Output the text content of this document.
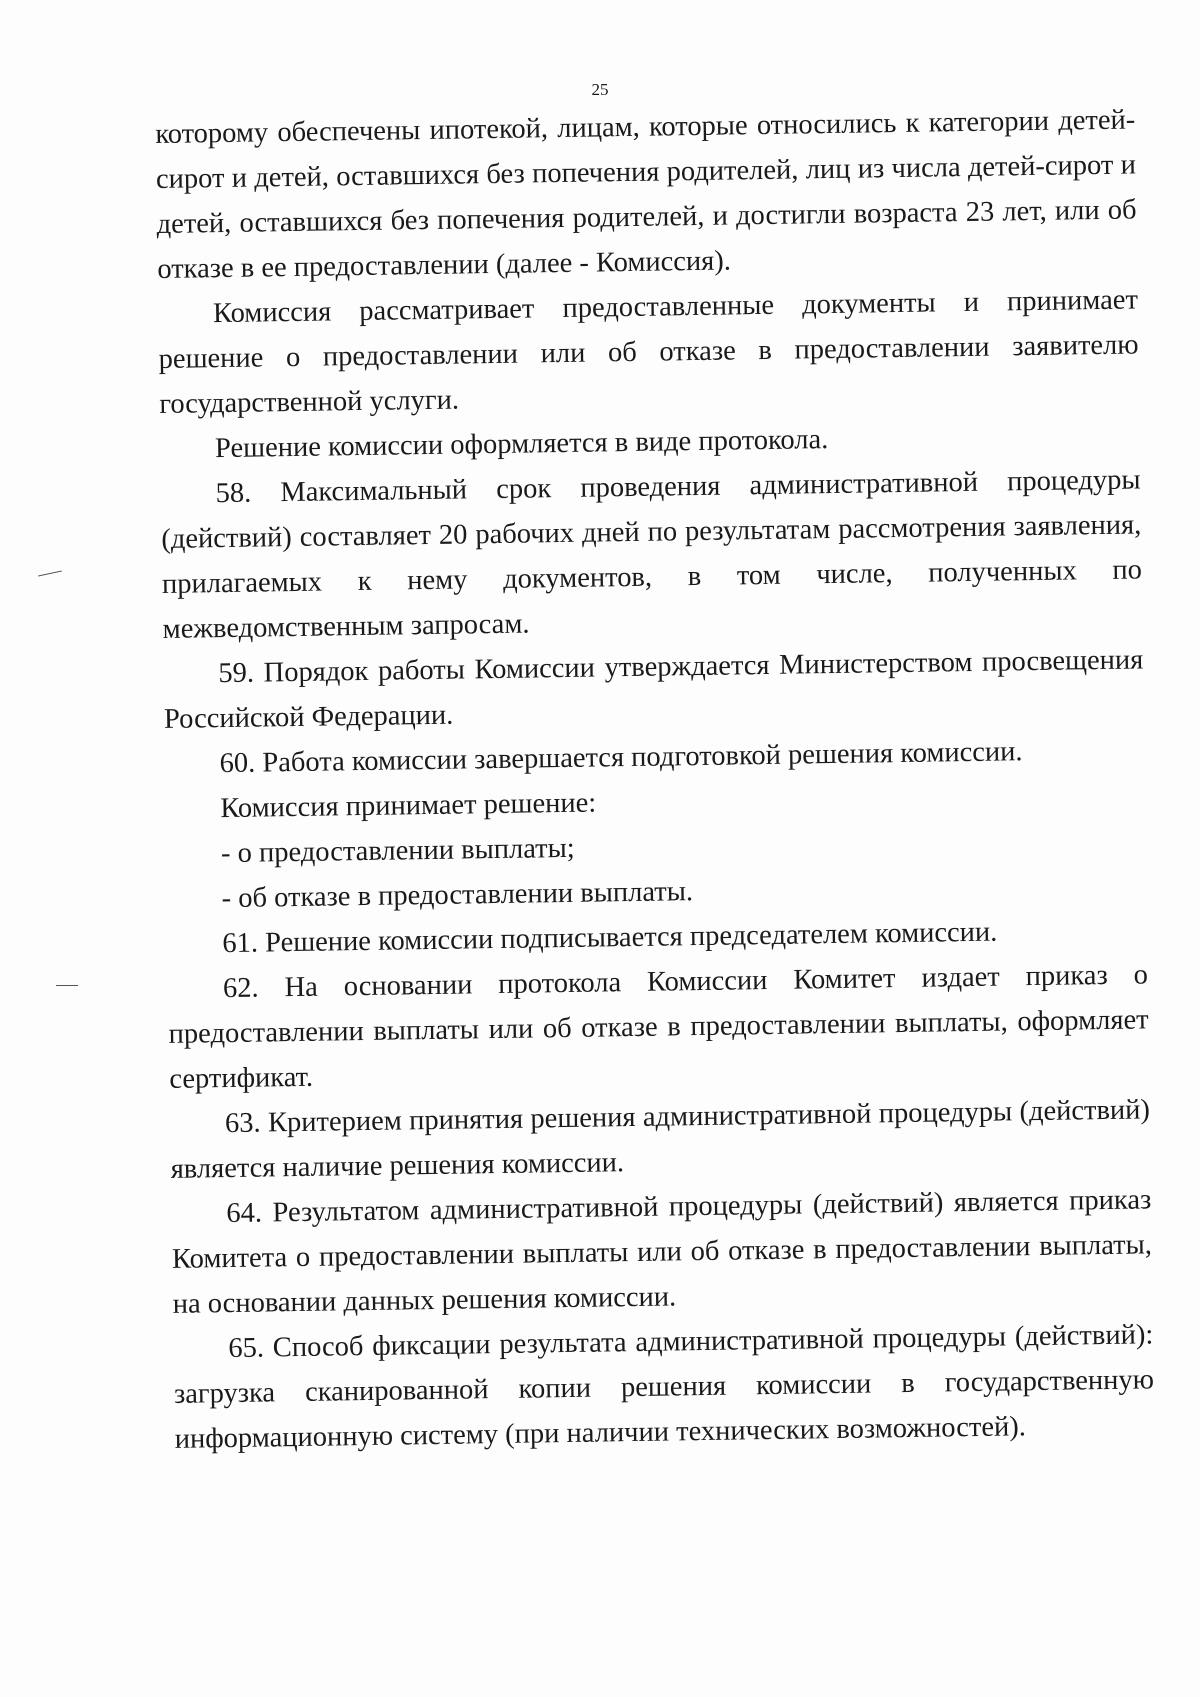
25

которому обеспечены ипотекой, лицам, которые относились к категории детей-сирот и детей, оставшихся без попечения родителей, лиц из числа детей-сирот и детей, оставшихся без попечения родителей, и достигли возраста 23 лет, или об отказе в ее предоставлении (далее - Комиссия).

Комиссия рассматривает предоставленные документы и принимает решение о предоставлении или об отказе в предоставлении заявителю государственной услуги.

Решение комиссии оформляется в виде протокола.

58. Максимальный срок проведения административной процедуры (действий) составляет 20 рабочих дней по результатам рассмотрения заявления, прилагаемых к нему документов, в том числе, полученных по межведомственным запросам.

59. Порядок работы Комиссии утверждается Министерством просвещения Российской Федерации.

60. Работа комиссии завершается подготовкой решения комиссии.

Комиссия принимает решение:

- о предоставлении выплаты;

- об отказе в предоставлении выплаты.

61. Решение комиссии подписывается председателем комиссии.

62. На основании протокола Комиссии Комитет издает приказ о предоставлении выплаты или об отказе в предоставлении выплаты, оформляет сертификат.

63. Критерием принятия решения административной процедуры (действий) является наличие решения комиссии.

64. Результатом административной процедуры (действий) является приказ Комитета о предоставлении выплаты или об отказе в предоставлении выплаты, на основании данных решения комиссии.

65. Способ фиксации результата административной процедуры (действий): загрузка сканированной копии решения комиссии в государственную информационную систему (при наличии технических возможностей).
